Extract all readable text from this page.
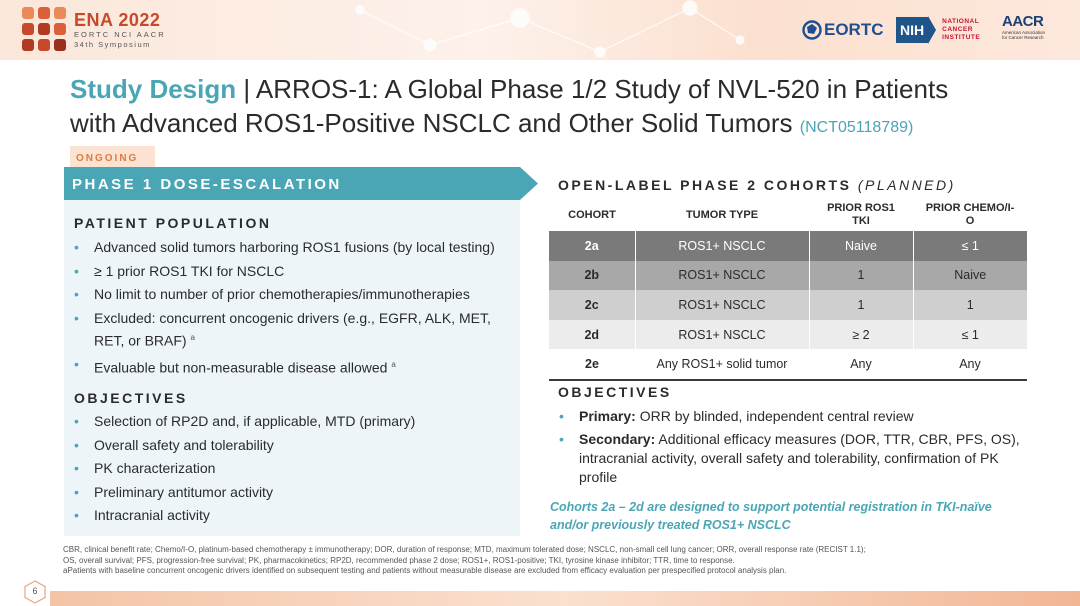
ENA 2022
EORTC NCI AACR
34th Symposium
EORTC NIH
NATIONAL
CANCER
INSTITUTE
AACR
American Association
for Cancer Research
Study Design | ARROS-1: A Global Phase 1/2 Study of NVL-520 in Patients
with Advanced ROS1-Positive NSCLC and Other Solid Tumors (NCT05118789)
ONGOING
PHASE 1 DOSE-ESCALATION
PATIENT POPULATION
• Advanced solid tumors harboring ROS1 fusions (by local testing)
• ≥ 1 prior ROS1 TKI for NSCLC
• No limit to number of prior chemotherapies/immunotherapies
• Excluded: concurrent oncogenic drivers (e.g., EGFR, ALK, MET, RET, or BRAF) $^a$
• Evaluable but non-measurable disease allowed $^a$
OBJECTIVES
• Selection of RP2D and, if applicable, MTD (primary)
• Overall safety and tolerability
• PK characterization
• Preliminary antitumor activity
• Intracranial activity
OPEN-LABEL PHASE 2 COHORTS (PLANNED)
COHORT	TUMOR TYPE	PRIOR ROS1 TKI	PRIOR CHEMO/I-O
2a	ROS1+ NSCLC	Naive	≤ 1
2b	ROS1+ NSCLC	1	Naive
2c	ROS1+ NSCLC	1	1
2d	ROS1+ NSCLC	≥ 2	≤ 1
2e	Any ROS1+ solid tumor	Any	Any
OBJECTIVES
• Primary: ORR by blinded, independent central review
• Secondary: Additional efficacy measures (DOR, TTR, CBR, PFS, OS), intracranial activity, overall safety and tolerability, confirmation of PK profile
Cohorts 2a – 2d are designed to support potential registration in TKI-naïve and/or previously treated ROS1+ NSCLC
CBR, clinical benefit rate; Chemo/I-O, platinum-based chemotherapy ± immunotherapy; DOR, duration of response; MTD, maximum tolerated dose; NSCLC, non-small cell lung cancer; ORR, overall response rate (RECIST 1.1);
OS, overall survival; PFS, progression-free survival; PK, pharmacokinetics; RP2D, recommended phase 2 dose; ROS1+, ROS1-positive; TKI, tyrosine kinase inhibitor; TTR, time to response.
aPatients with baseline concurrent oncogenic drivers identified on subsequent testing and patients without measurable disease are excluded from efficacy evaluation per prespecified protocol analysis plan.
6
